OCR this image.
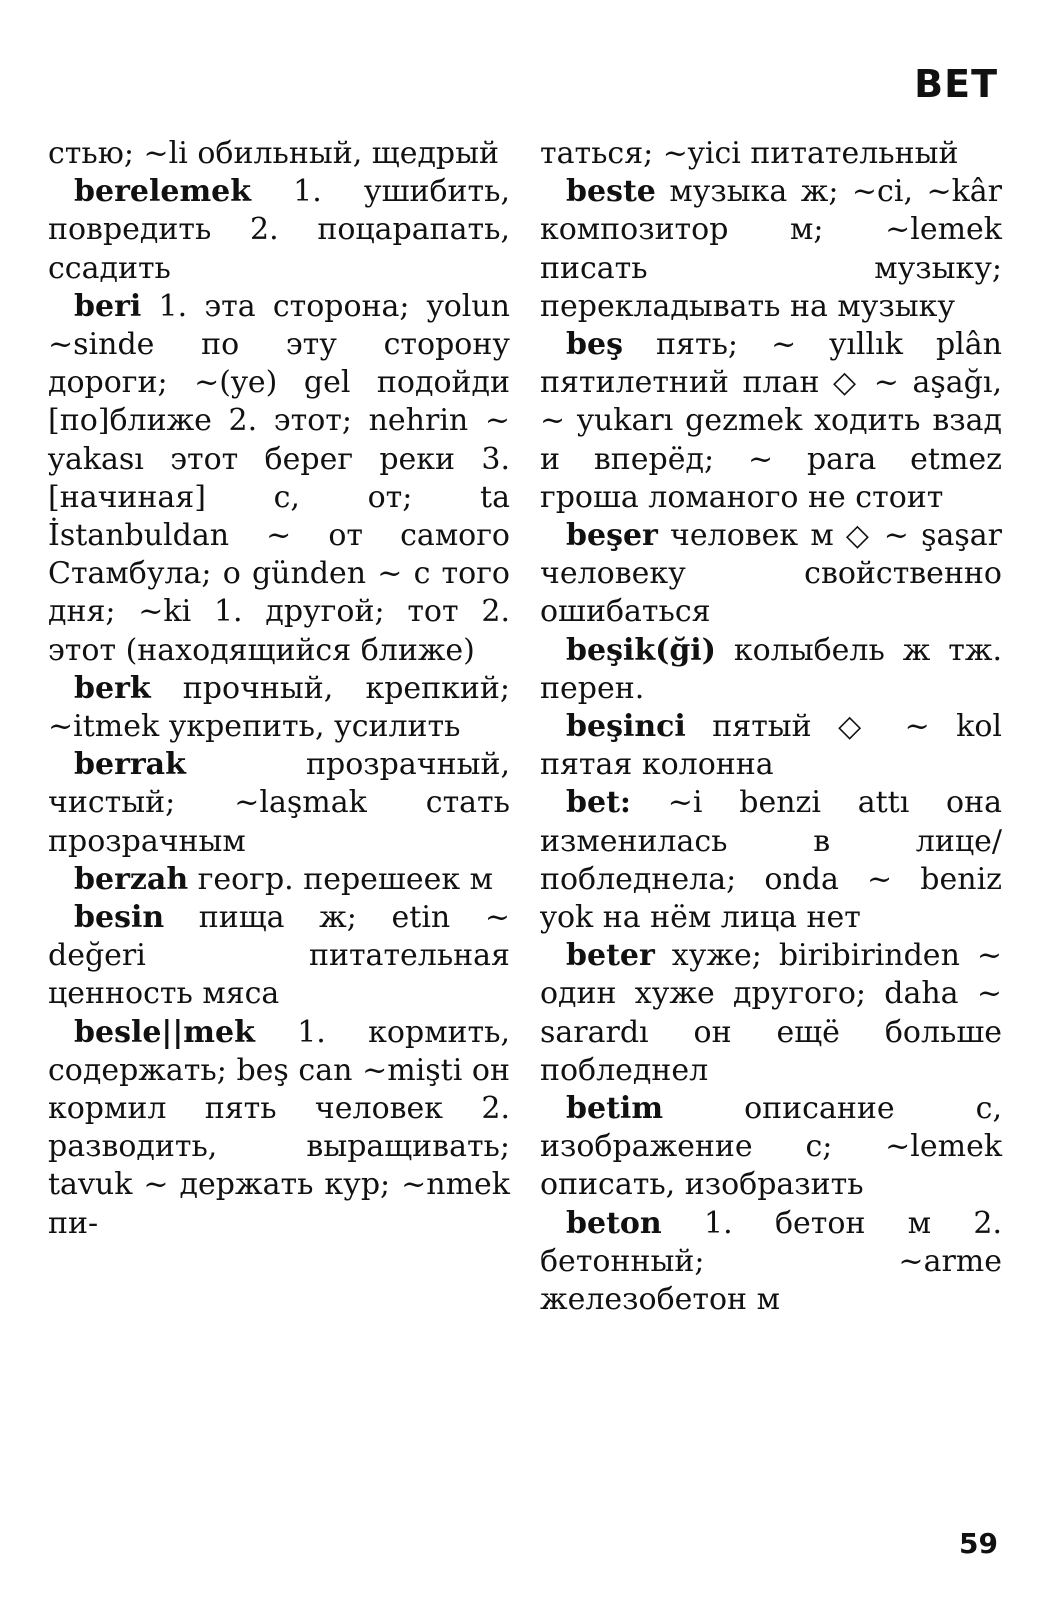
BET

стью; ~li обильный, щедрый

berelemek 1. ушибить, повредить 2. поцарапать, ссадить

beri 1. эта сторона; yolun ~sinde по эту сторону дороги; ~(ye) gel подойди [по]ближе 2. этот; nehrin ~ yakası этот берег реки 3. [начиная] с, от; ta İstanbuldan ~ от самого Стамбула; o günden ~ с того дня; ~ki 1. другой; тот 2. этот (находящийся ближе)

berk прочный, крепкий; ~itmek укрепить, усилить

berrak прозрачный, чистый; ~laşmak стать прозрачным

berzah геогр. перешеек м

besin пища ж; etin ~ değeri питательная ценность мяса

besle||mek 1. кормить, содержать; beş can ~mişti он кормил пять человек 2. разводить, выращивать; tavuk ~ держать кур; ~nmek пи-

таться; ~yici питательный

beste музыка ж; ~ci, ~kâr композитор м; ~lemek писать музыку; перекладывать на музыку

beş пять; ~ yıllık plân пятилетний план ◇ ~ aşağı, ~ yukarı gezmek ходить взад и вперёд; ~ para etmez гроша ломаного не стоит

beşer человек м ◇ ~ şaşar человеку свойственно ошибаться

beşik(ği) колыбель ж тж. перен.

beşinci пятый ◇ ~ kol пятая колонна

bet: ~i benzi attı она изменилась в лице/побледнела; onda ~ beniz yok на нём лица нет

beter хуже; biribirinden ~ один хуже другого; daha ~ sarardı он ещё больше побледнел

betim описание с, изображение с; ~lemek описать, изобразить

beton 1. бетон м 2. бетонный; ~arme железобетон м

59
